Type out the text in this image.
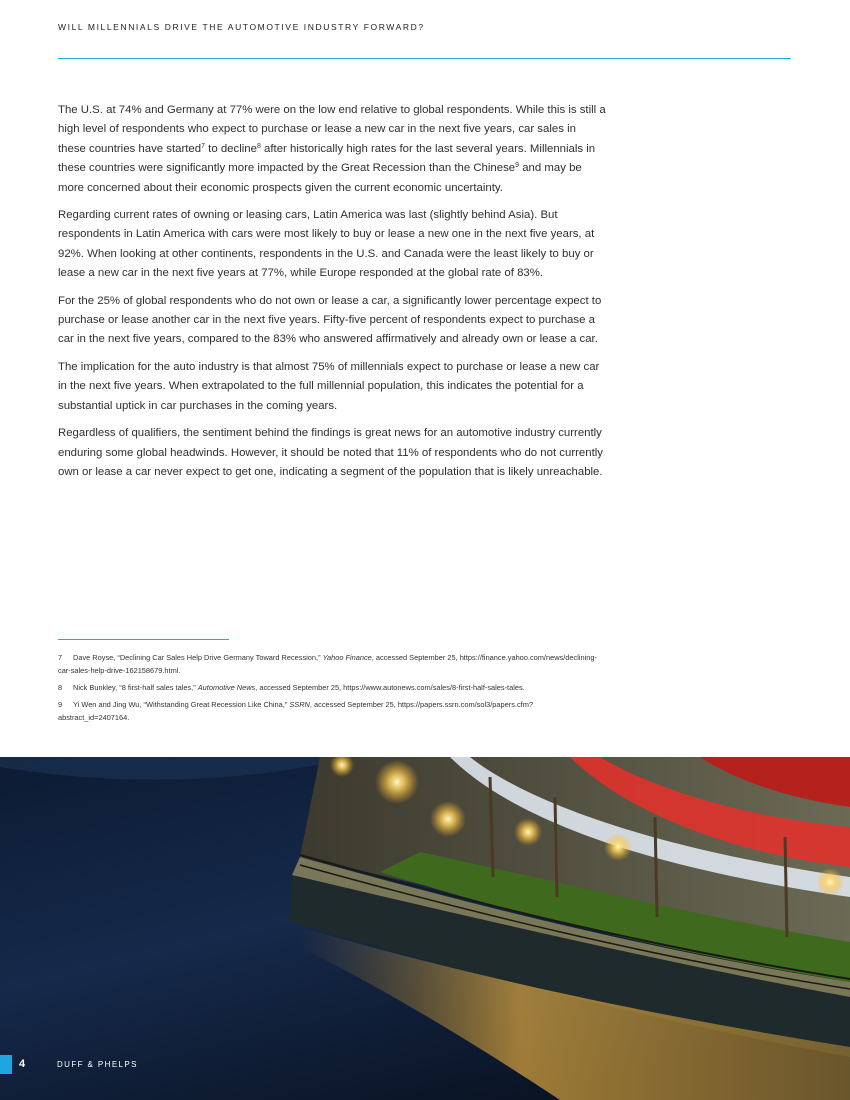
WILL MILLENNIALS DRIVE THE AUTOMOTIVE INDUSTRY FORWARD?

The U.S. at 74% and Germany at 77% were on the low end relative to global respondents. While this is still a high level of respondents who expect to purchase or lease a new car in the next five years, car sales in these countries have started$^7$ to decline$^8$ after historically high rates for the last several years. Millennials in these countries were significantly more impacted by the Great Recession than the Chinese$^9$ and may be more concerned about their economic prospects given the current economic uncertainty.

Regarding current rates of owning or leasing cars, Latin America was last (slightly behind Asia). But respondents in Latin America with cars were most likely to buy or lease a new one in the next five years, at 92%. When looking at other continents, respondents in the U.S. and Canada were the least likely to buy or lease a new car in the next five years at 77%, while Europe responded at the global rate of 83%.

For the 25% of global respondents who do not own or lease a car, a significantly lower percentage expect to purchase or lease another car in the next five years. Fifty-five percent of respondents expect to purchase a car in the next five years, compared to the 83% who answered affirmatively and already own or lease a car.

The implication for the auto industry is that almost 75% of millennials expect to purchase or lease a new car in the next five years. When extrapolated to the full millennial population, this indicates the potential for a substantial uptick in car purchases in the coming years.

Regardless of qualifiers, the sentiment behind the findings is great news for an automotive industry currently enduring some global headwinds. However, it should be noted that 11% of respondents who do not currently own or lease a car never expect to get one, indicating a segment of the population that is likely unreachable.

7 Dave Royse, “Declining Car Sales Help Drive Germany Toward Recession,” Yahoo Finance, accessed September 25, https://finance.yahoo.com/news/declining-car-sales-help-drive-162158679.html.
8 Nick Bunkley, “8 first-half sales tales,” Automotive News, accessed September 25, https://www.autonews.com/sales/8-first-half-sales-tales.
9 Yi Wen and Jing Wu, “Withstanding Great Recession Like China,” SSRN, accessed September 25, https://papers.ssrn.com/sol3/papers.cfm?abstract_id=2407164.
4	DUFF & PHELPS
